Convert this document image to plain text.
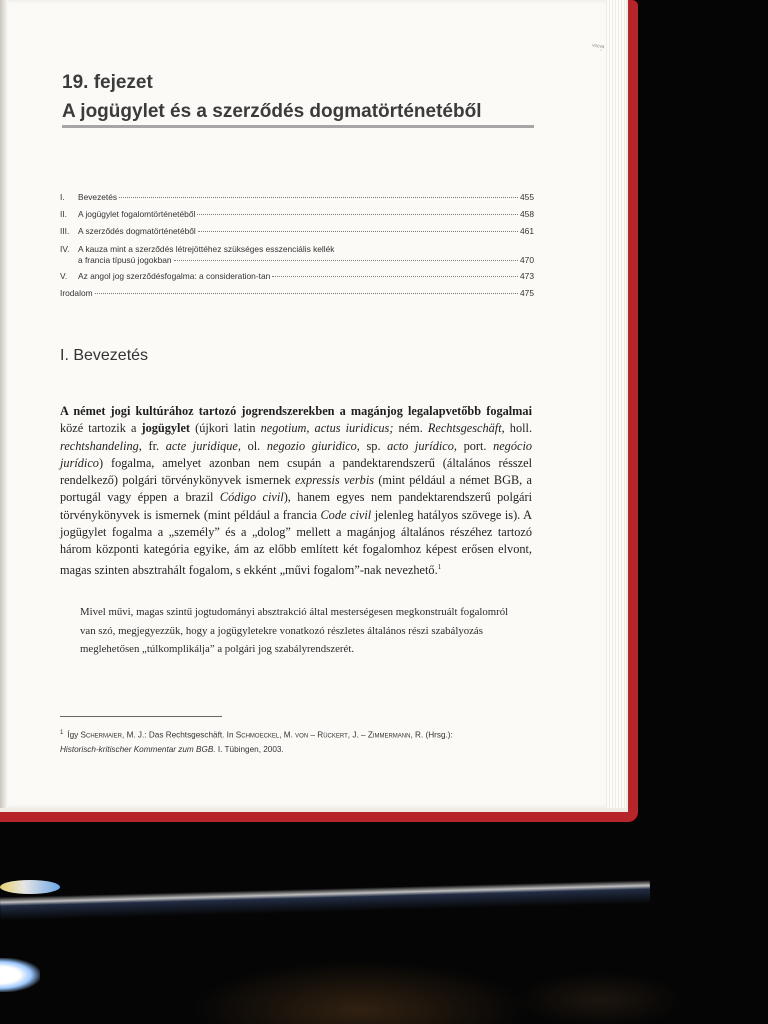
19. fejezet
A jogügylet és a szerződés dogmatörténetéből
I.	Bevezetés	455
II.	A jogügylet fogalomtörténetéből	458
III.	A szerződés dogmatörténetéből	461
IV.	A kauza mint a szerződés létrejöttéhez szükséges esszenciális kellék
a francia típusú jogokban	470
V.	Az angol jog szerződésfogalma: a consideration-tan	473
Irodalom	475
I. Bevezetés
A német jogi kultúrához tartozó jogrendszerekben a magánjog legalapvetőbb fogalmai közé tartozik a jogügylet (újkori latin negotium, actus iuridicus; ném. Rechtsgeschäft, holl. rechtshandeling, fr. acte juridique, ol. negozio giuridico, sp. acto jurídico, port. negócio jurídico) fogalma, amelyet azonban nem csupán a pandektarendszerű (általános résszel rendelkező) polgári törvénykönyvek ismernek expressis verbis (mint például a német BGB, a portugál vagy éppen a brazil Código civil), hanem egyes nem pandektarendszerű polgári törvénykönyvek is ismernek (mint például a francia Code civil jelenleg hatályos szövege is). A jogügylet fogalma a „személy” és a „dolog” mellett a magánjog általános részéhez tartozó három központi kategória egyike, ám az előbb említett két fogalomhoz képest erősen elvont, magas szinten absztrahált fogalom, s ekként „művi fogalom”-nak nevezhető.$^1$
Mivel művi, magas szintű jogtudományi absztrakció által mesterségesen megkonstruált fogalomról van szó, megjegyezzük, hogy a jogügyletekre vonatkozó részletes általános részi szabályozás meglehetősen „túlkomplikálja” a polgári jog szabályrendszerét.
$^1$ Így Schermaier, M. J.: Das Rechtsgeschäft. In Schmoeckel, M. von – Rückert, J. – Zimmermann, R. (Hrsg.):
Historisch-kritischer Kommentar zum BGB. I. Tübingen, 2003.
ᵛᵒᶜᵛ᷊ᵃ
